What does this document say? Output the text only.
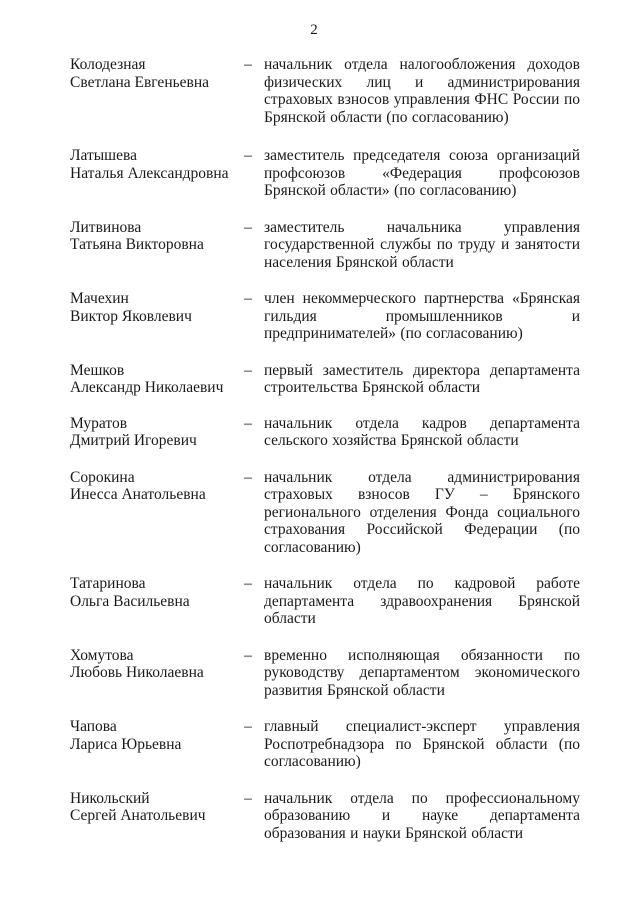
2
Колодезная
Светлана Евгеньевна
– начальник отдела налогообложения доходов физических лиц и администрирования страховых взносов управления ФНС России по Брянской области (по согласованию)
Латышева
Наталья Александровна
– заместитель председателя союза организаций профсоюзов «Федерация профсоюзов Брянской области» (по согласованию)
Литвинова
Татьяна Викторовна
– заместитель начальника управления государственной службы по труду и занятости населения Брянской области
Мачехин
Виктор Яковлевич
– член некоммерческого партнерства «Брянская гильдия промышленников и предпринимателей» (по согласованию)
Мешков
Александр Николаевич
– первый заместитель директора департамента строительства Брянской области
Муратов
Дмитрий Игоревич
– начальник отдела кадров департамента сельского хозяйства Брянской области
Сорокина
Инесса Анатольевна
– начальник отдела администрирования страховых взносов ГУ – Брянского регионального отделения Фонда социального страхования Российской Федерации (по согласованию)
Татаринова
Ольга Васильевна
– начальник отдела по кадровой работе департамента здравоохранения Брянской области
Хомутова
Любовь Николаевна
– временно исполняющая обязанности по руководству департаментом экономического развития Брянской области
Чапова
Лариса Юрьевна
– главный специалист-эксперт управления Роспотребнадзора по Брянской области (по согласованию)
Никольский
Сергей Анатольевич
– начальник отдела по профессиональному образованию и науке департамента образования и науки Брянской области
